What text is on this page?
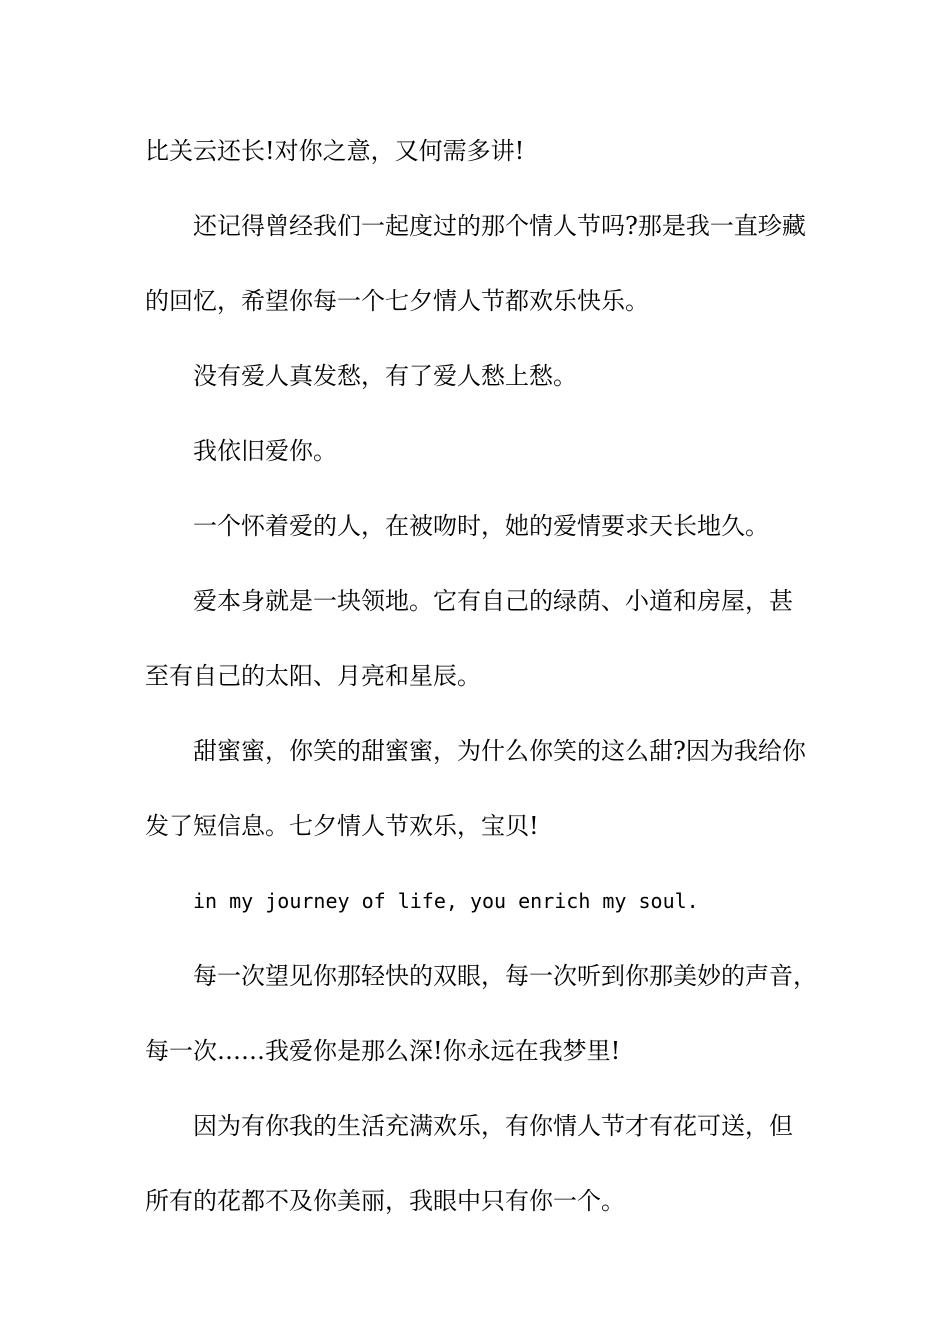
比关云还长!对你之意，又何需多讲!
还记得曾经我们一起度过的那个情人节吗?那是我一直珍藏
的回忆，希望你每一个七夕情人节都欢乐快乐。
没有爱人真发愁，有了爱人愁上愁。
我依旧爱你。
一个怀着爱的人，在被吻时，她的爱情要求天长地久。
爱本身就是一块领地。它有自己的绿荫、小道和房屋，甚
至有自己的太阳、月亮和星辰。
甜蜜蜜，你笑的甜蜜蜜，为什么你笑的这么甜?因为我给你
发了短信息。七夕情人节欢乐，宝贝!
in my journey of life, you enrich my soul.
每一次望见你那轻快的双眼，每一次听到你那美妙的声音，
每一次……我爱你是那么深!你永远在我梦里!
因为有你我的生活充满欢乐，有你情人节才有花可送，但
所有的花都不及你美丽，我眼中只有你一个。
